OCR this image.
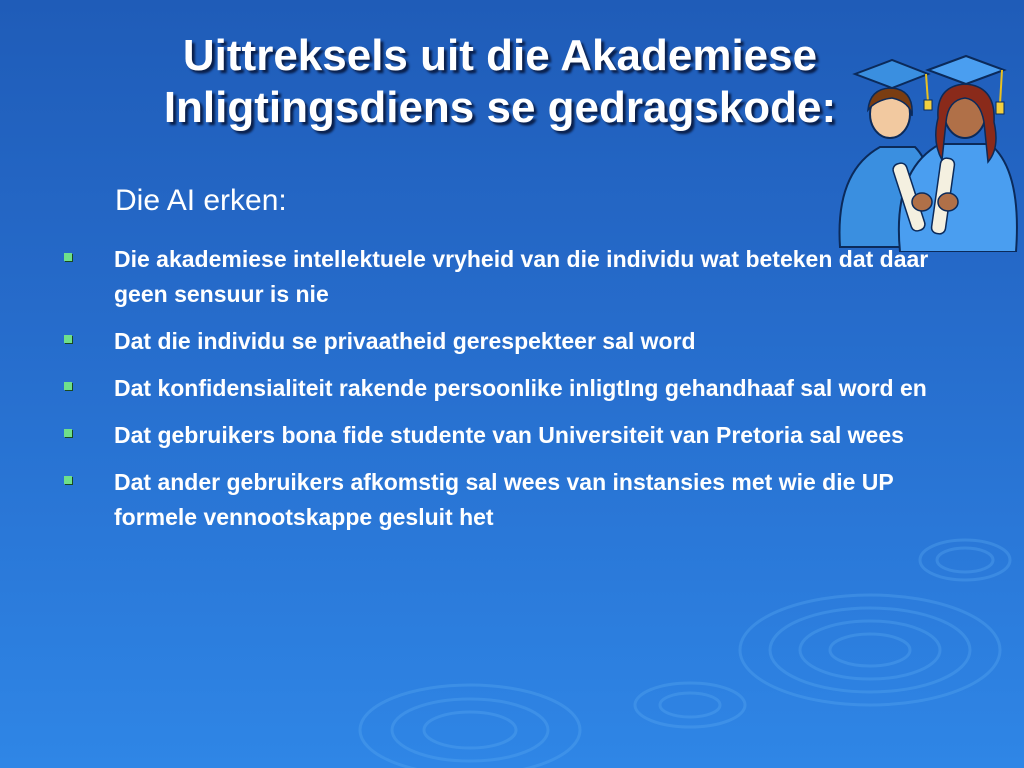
Uittreksels uit die Akademiese Inligtingsdiens se gedragskode:
Die AI erken:
Die akademiese intellektuele vryheid van die individu wat beteken dat daar geen sensuur is nie
Dat die individu se privaatheid gerespekteer sal word
Dat konfidensialiteit rakende persoonlike inligtIng gehandhaaf sal word en
Dat gebruikers bona fide studente van Universiteit van Pretoria sal wees
Dat ander gebruikers afkomstig sal wees van instansies met wie die UP formele vennootskappe gesluit het
